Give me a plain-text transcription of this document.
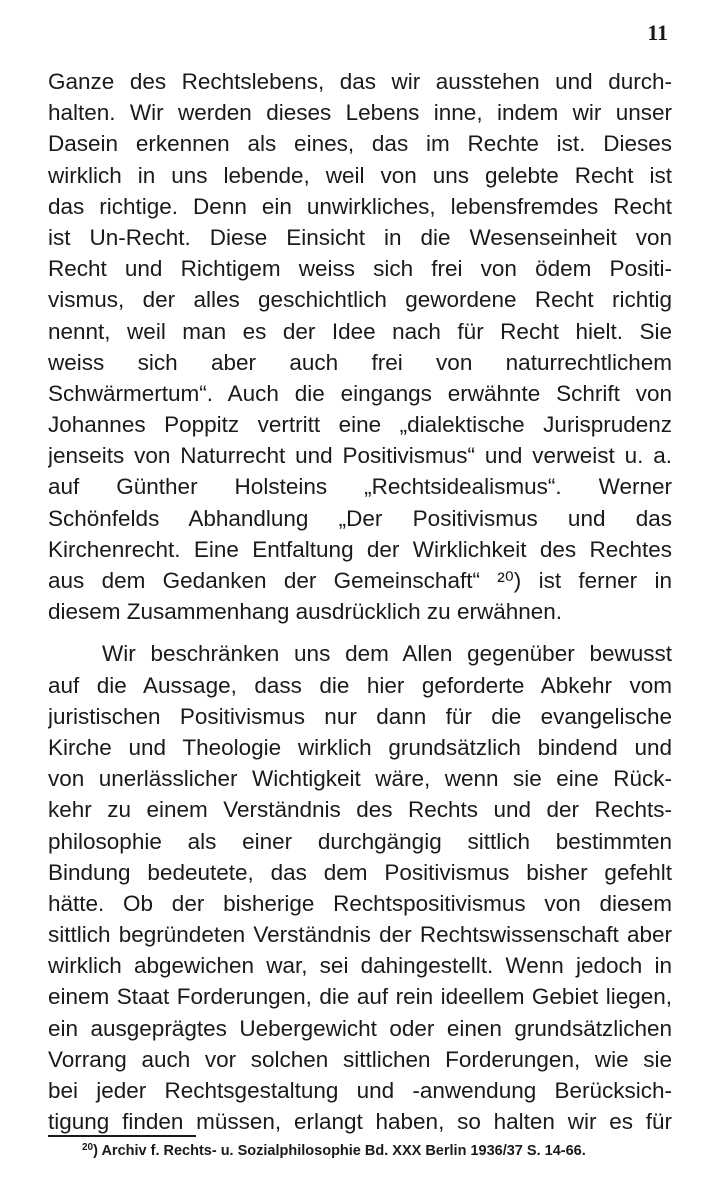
11
Ganze des Rechtslebens, das wir ausstehen und durch-
halten. Wir werden dieses Lebens inne, indem wir unser
Dasein erkennen als eines, das im Rechte ist. Dieses
wirklich in uns lebende, weil von uns gelebte Recht ist
das richtige. Denn ein unwirkliches, lebensfremdes Recht
ist Un-Recht. Diese Einsicht in die Wesenseinheit von
Recht und Richtigem weiss sich frei von ödem Positi-
vismus, der alles geschichtlich gewordene Recht richtig
nennt, weil man es der Idee nach für Recht hielt. Sie
weiss sich aber auch frei von naturrechtlichem
Schwärmertum“. Auch die eingangs erwähnte Schrift von
Johannes Poppitz vertritt eine „dialektische Jurisprudenz
jenseits von Naturrecht und Positivismus“ und verweist u. a.
auf Günther Holsteins „Rechtsidealismus“. Werner
Schönfelds Abhandlung „Der Positivismus und das
Kirchenrecht. Eine Entfaltung der Wirklichkeit des Rechtes
aus dem Gedanken der Gemeinschaft“ ²⁰) ist ferner in
diesem Zusammenhang ausdrücklich zu erwähnen.
Wir beschränken uns dem Allen gegenüber bewusst
auf die Aussage, dass die hier geforderte Abkehr vom
juristischen Positivismus nur dann für die evangelische
Kirche und Theologie wirklich grundsätzlich bindend und
von unerlässlicher Wichtigkeit wäre, wenn sie eine Rück-
kehr zu einem Verständnis des Rechts und der Rechts-
philosophie als einer durchgängig sittlich bestimmten
Bindung bedeutete, das dem Positivismus bisher gefehlt
hätte. Ob der bisherige Rechtspositivismus von diesem
sittlich begründeten Verständnis der Rechtswissenschaft aber
wirklich abgewichen war, sei dahingestellt. Wenn jedoch in
einem Staat Forderungen, die auf rein ideellem Gebiet liegen,
ein ausgeprägtes Uebergewicht oder einen grundsätzlichen
Vorrang auch vor solchen sittlichen Forderungen, wie sie
bei jeder Rechtsgestaltung und -anwendung Berücksich-
tigung finden müssen, erlangt haben, so halten wir es für
$^{20}$) Archiv f. Rechts- u. Sozialphilosophie Bd. XXX Berlin 1936/37 S. 14-66.
